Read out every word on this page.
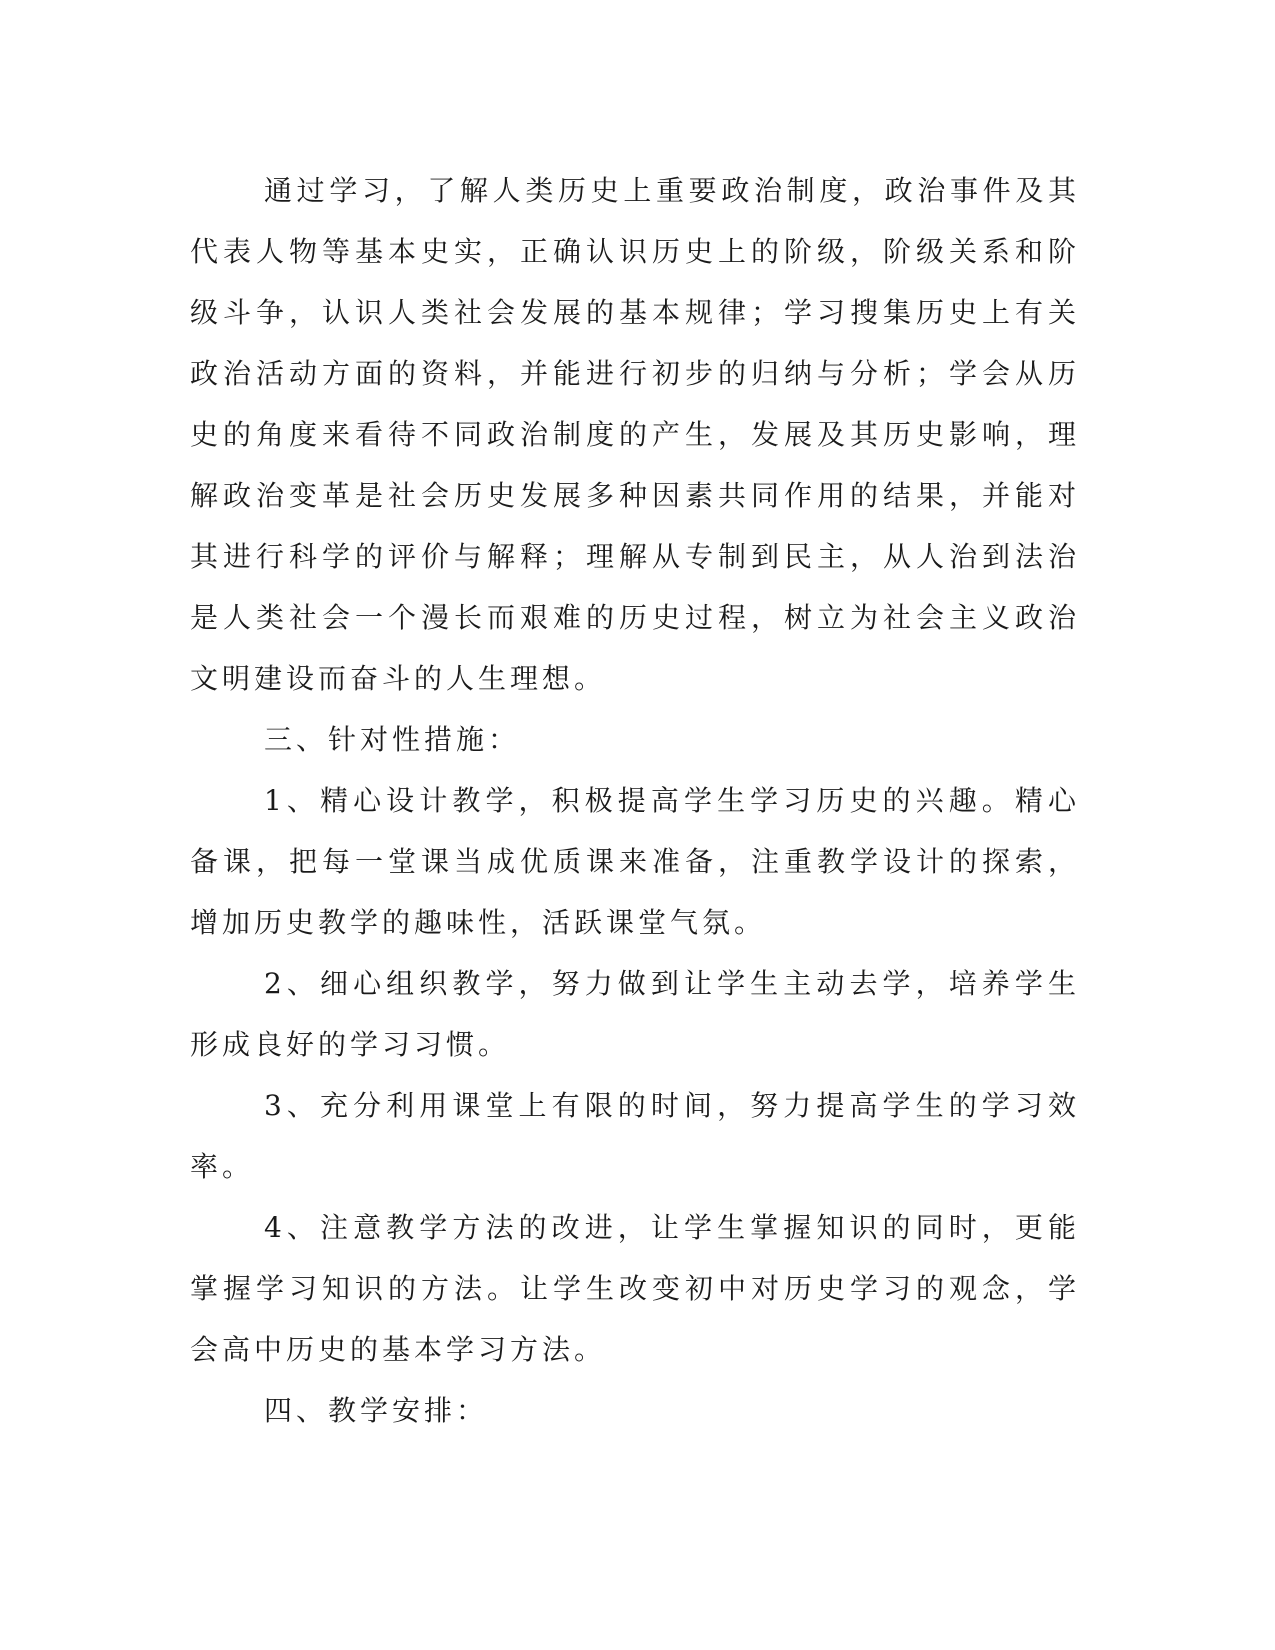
通过学习，了解人类历史上重要政治制度，政治事件及其代表人物等基本史实，正确认识历史上的阶级，阶级关系和阶级斗争，认识人类社会发展的基本规律；学习搜集历史上有关政治活动方面的资料，并能进行初步的归纳与分析；学会从历史的角度来看待不同政治制度的产生，发展及其历史影响，理解政治变革是社会历史发展多种因素共同作用的结果，并能对其进行科学的评价与解释；理解从专制到民主，从人治到法治是人类社会一个漫长而艰难的历史过程，树立为社会主义政治文明建设而奋斗的人生理想。

三、针对性措施：

1、精心设计教学，积极提高学生学习历史的兴趣。精心备课，把每一堂课当成优质课来准备，注重教学设计的探索，增加历史教学的趣味性，活跃课堂气氛。

2、细心组织教学，努力做到让学生主动去学，培养学生形成良好的学习习惯。

3、充分利用课堂上有限的时间，努力提高学生的学习效率。

4、注意教学方法的改进，让学生掌握知识的同时，更能掌握学习知识的方法。让学生改变初中对历史学习的观念，学会高中历史的基本学习方法。

四、教学安排：
